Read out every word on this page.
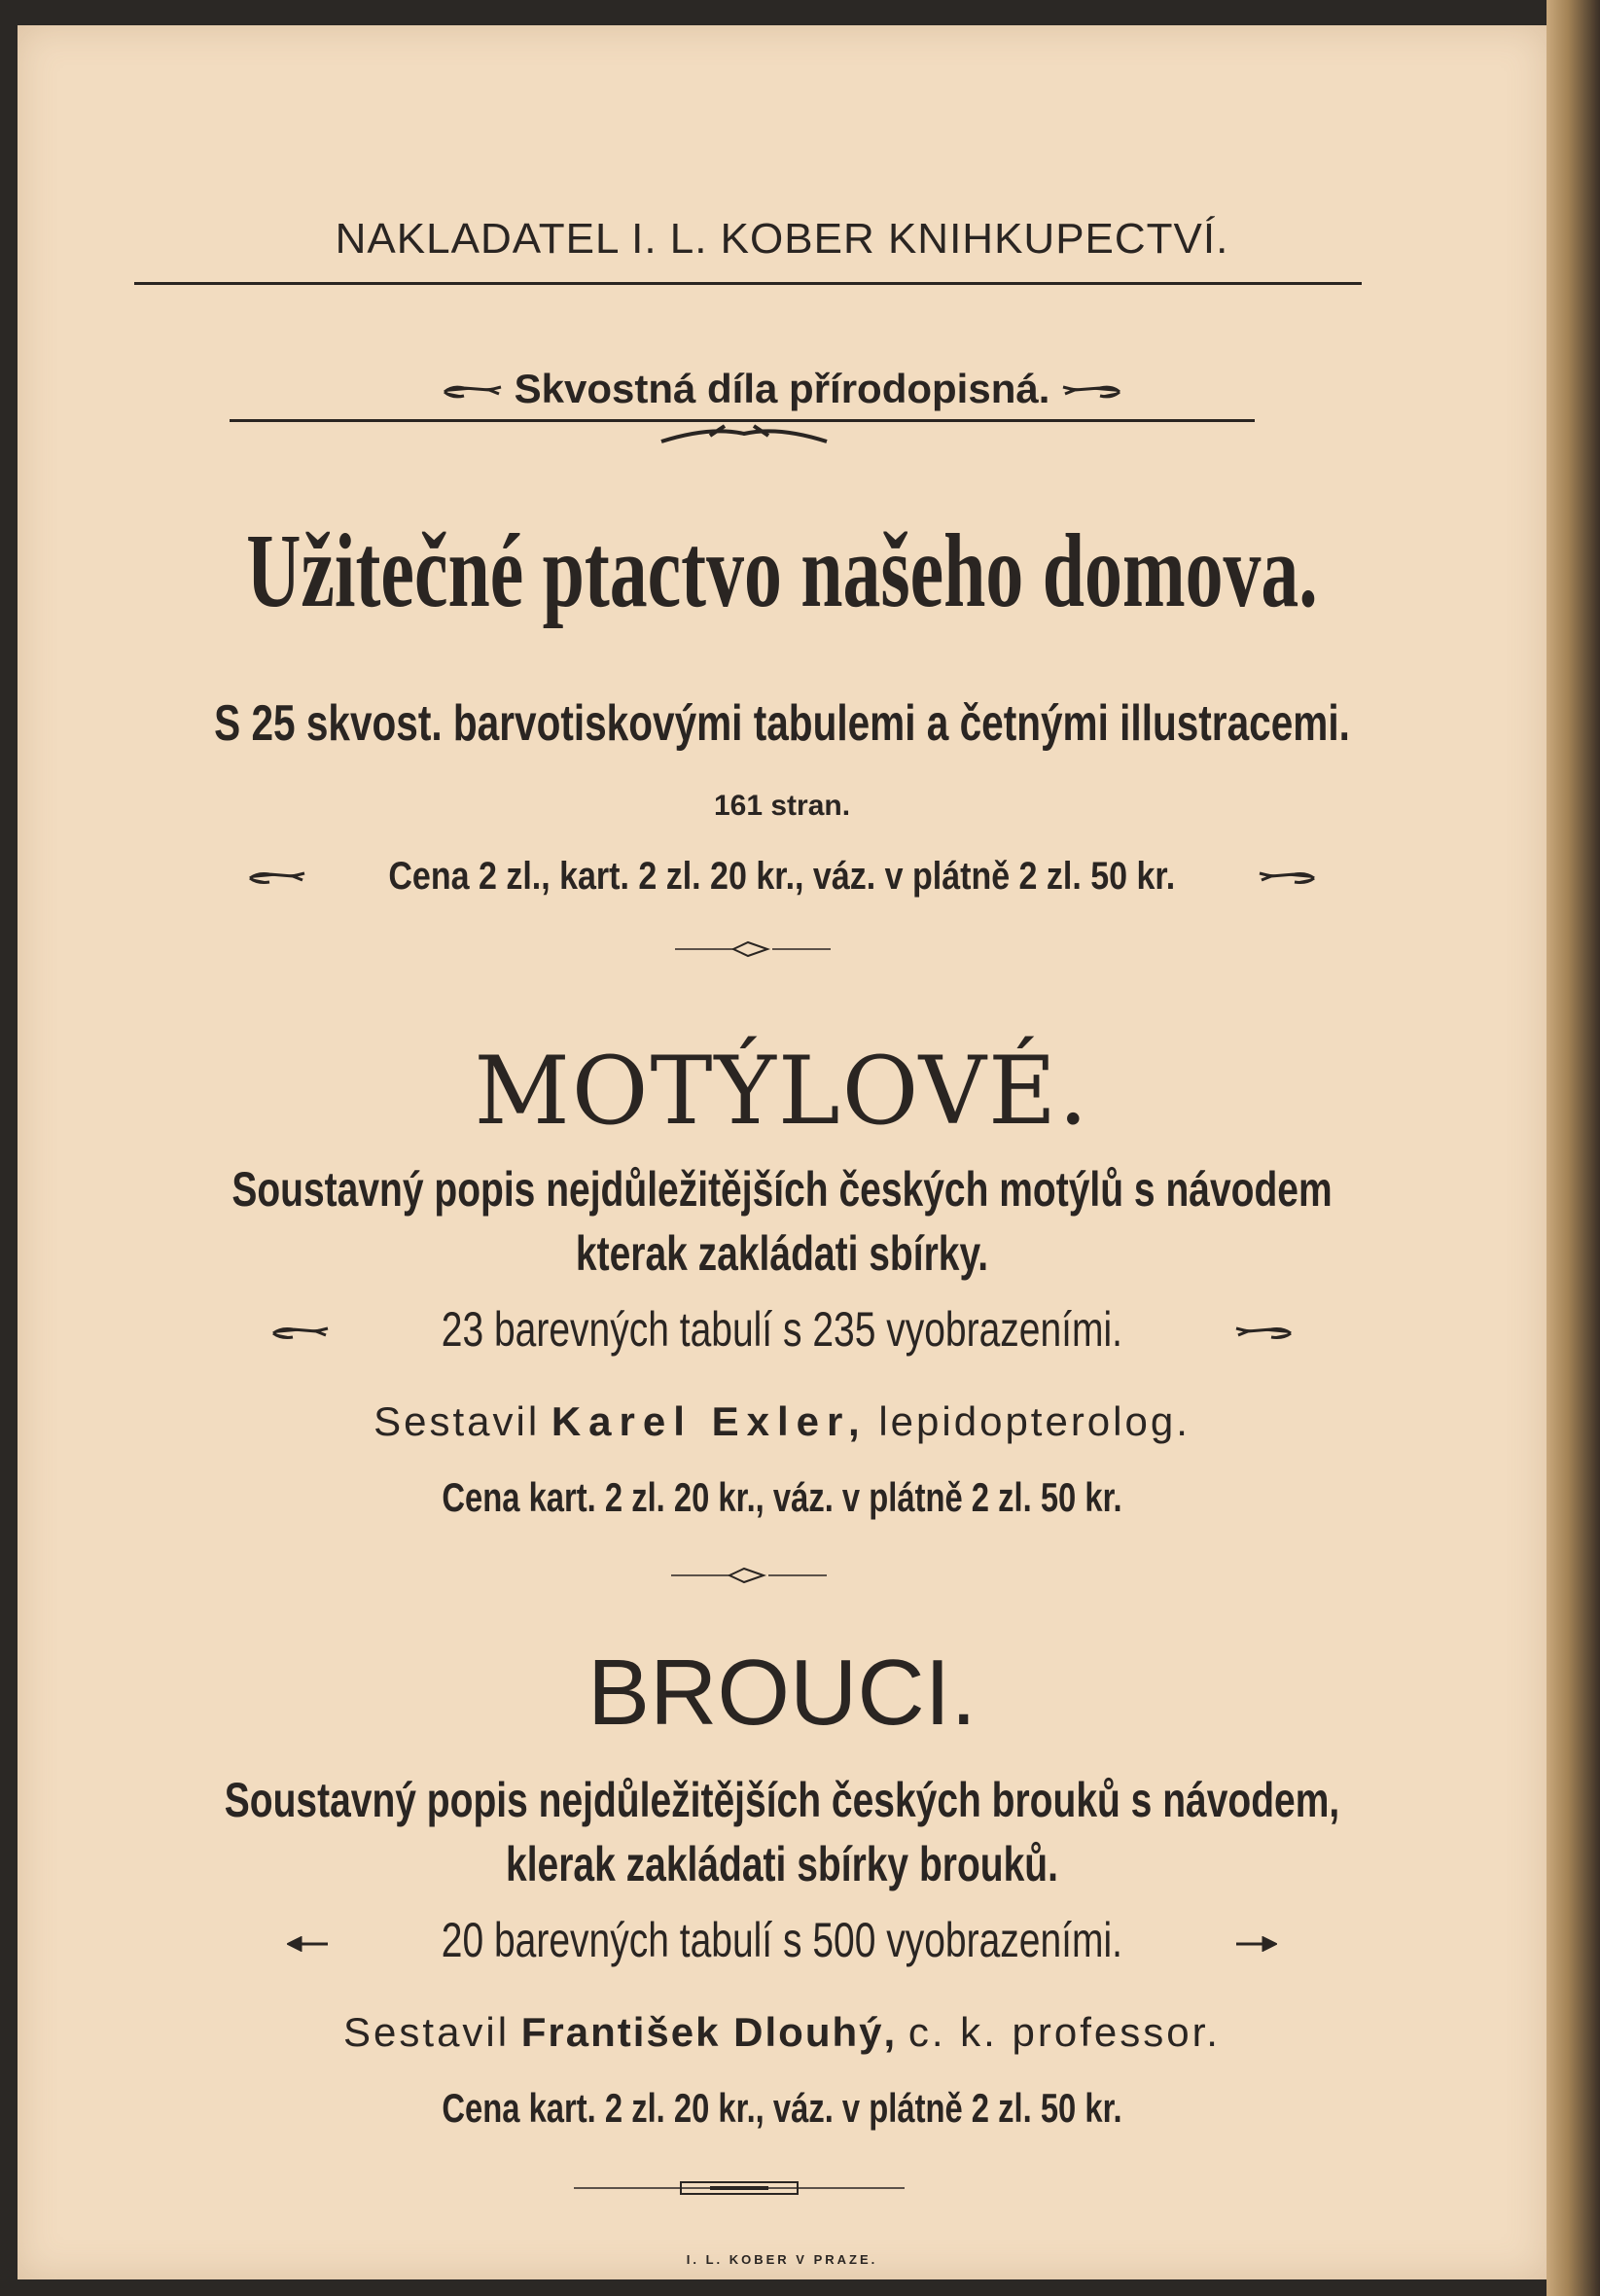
NAKLADATEL I. L. KOBER KNIHKUPECTVÍ.
Skvostná díla přírodopisná.
Užitečné ptactvo našeho domova.
S 25 skvost. barvotiskovými tabulemi a četnými illustracemi.
161 stran.
Cena 2 zl., kart. 2 zl. 20 kr., váz. v plátně 2 zl. 50 kr.
MOTÝLOVÉ.
Soustavný popis nejdůležitějších českých motýlů s návodem
kterak zakládati sbírky.
23 barevných tabulí s 235 vyobrazeními.
Sestavil Karel Exler, lepidopterolog.
Cena kart. 2 zl. 20 kr., váz. v plátně 2 zl. 50 kr.
BROUCI.
Soustavný popis nejdůležitějších českých brouků s návodem,
klerak zakládati sbírky brouků.
20 barevných tabulí s 500 vyobrazeními.
Sestavil František Dlouhý, c. k. professor.
Cena kart. 2 zl. 20 kr., váz. v plátně 2 zl. 50 kr.
I. L. KOBER V PRAZE.
